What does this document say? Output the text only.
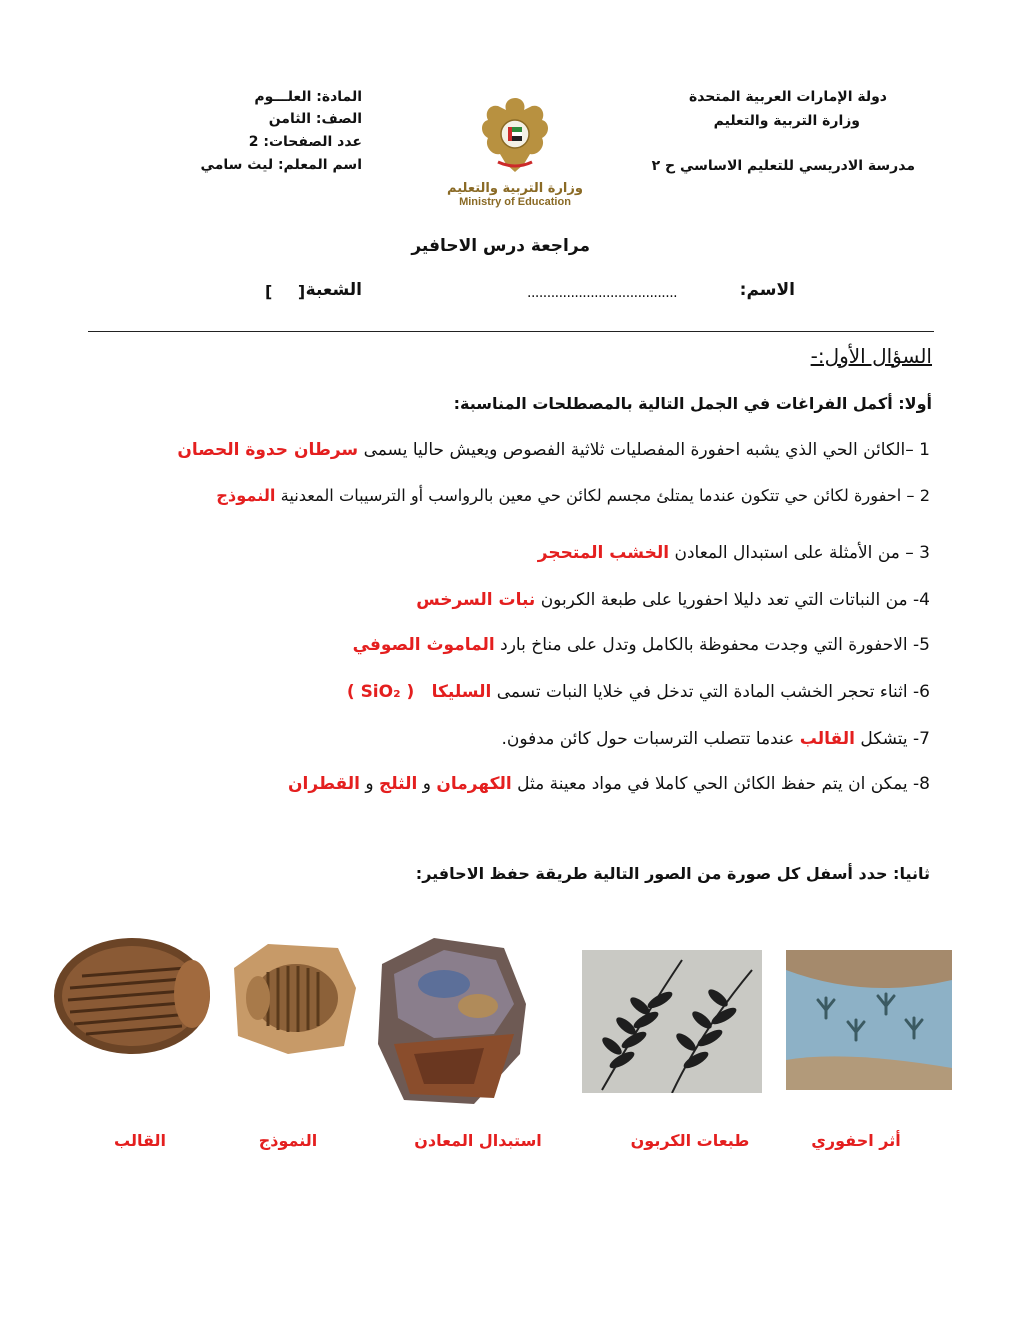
دولة الإمارات العربية المتحدة
وزارة التربية والتعليم
مدرسة الادريسي للتعليم الاساسي ح ٢
المادة: العلـــوم
الصف: الثامن
عدد الصفحات: 2
اسم المعلم: ليث سامي
وزارة التربية والتعليم
Ministry of Education
مراجعة درس الاحافير
الاسم:
......................................
الشعبة
[ ]
السؤال الأول:-
أولا: أكمل الفراغات في الجمل التالية بالمصطلحات المناسبة:
1 –الكائن الحي الذي يشبه احفورة المفصليات ثلاثية الفصوص ويعيش حاليا يسمى سرطان حدوة الحصان
2 – احفورة لكائن حي تتكون عندما يمتلئ مجسم لكائن حي معين بالرواسب أو الترسيبات المعدنية النموذج
3 – من الأمثلة على استبدال المعادن الخشب المتحجر
4- من النباتات التي تعد دليلا احفوريا على طبعة الكربون نبات السرخس
5- الاحفورة التي وجدت محفوظة بالكامل وتدل على مناخ بارد الماموث الصوفي
6- اثناء تحجر الخشب المادة التي تدخل في خلايا النبات تسمى السليكا ( SiO₂ )
7- يتشكل القالب عندما تتصلب الترسبات حول كائن مدفون.
8- يمكن ان يتم حفظ الكائن الحي كاملا في مواد معينة مثل الكهرمان و الثلج و القطران
ثانيا: حدد أسفل كل صورة من الصور التالية طريقة حفظ الاحافير:
القالب	النموذج	استبدال المعادن	طبعات الكربون	أثر احفوري
